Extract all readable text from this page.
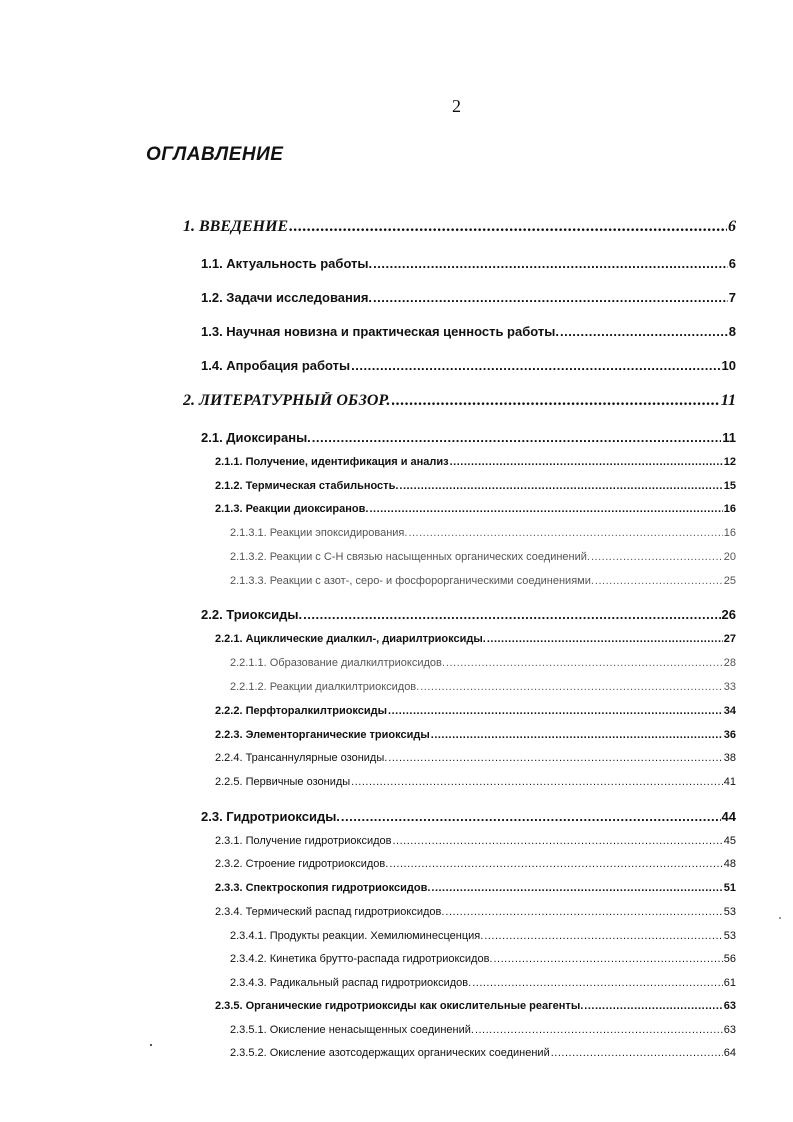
2
ОГЛАВЛЕНИЕ
1. ВВЕДЕНИЕ .....	6
1.1. Актуальность работы. .....	6
1.2. Задачи исследования. .....	7
1.3. Научная новизна и практическая ценность работы. .....	8
1.4. Апробация работы .....	10
2. ЛИТЕРАТУРНЫЙ ОБЗОР. .....	11
2.1. Диоксираны. .....	11
2.1.1. Получение, идентификация и анализ .....	12
2.1.2. Термическая стабильность. .....	15
2.1.3. Реакции диоксиранов. .....	16
2.1.3.1. Реакции эпоксидирования. .....	16
2.1.3.2. Реакции с С-Н связью насыщенных органических соединений. .....	20
2.1.3.3. Реакции с азот-, серо- и фосфорорганическими соединениями. .....	25
2.2. Триоксиды. .....	26
2.2.1. Ациклические диалкил-, диарилтриоксиды. .....	27
2.2.1.1. Образование диалкилтриоксидов. .....	28
2.2.1.2. Реакции диалкилтриоксидов. .....	33
2.2.2. Перфторалкилтриоксиды .....	34
2.2.3. Элементорганические триоксиды .....	36
2.2.4. Трансаннулярные озониды. .....	38
2.2.5. Первичные озониды .....	41
2.3. Гидротриоксиды. .....	44
2.3.1. Получение гидротриоксидов .....	45
2.3.2. Строение гидротриоксидов. .....	48
2.3.3. Спектроскопия гидротриоксидов. .....	51
2.3.4. Термический распад гидротриоксидов. .....	53
2.3.4.1. Продукты реакции. Хемилюминесценция. .....	53
2.3.4.2. Кинетика брутто-распада гидротриоксидов. .....	56
2.3.4.3. Радикальный распад гидротриоксидов. .....	61
2.3.5. Органические гидротриоксиды как окислительные реагенты. .....	63
2.3.5.1. Окисление ненасыщенных соединений. .....	63
2.3.5.2. Окисление азотсодержащих органических соединений .....	64
